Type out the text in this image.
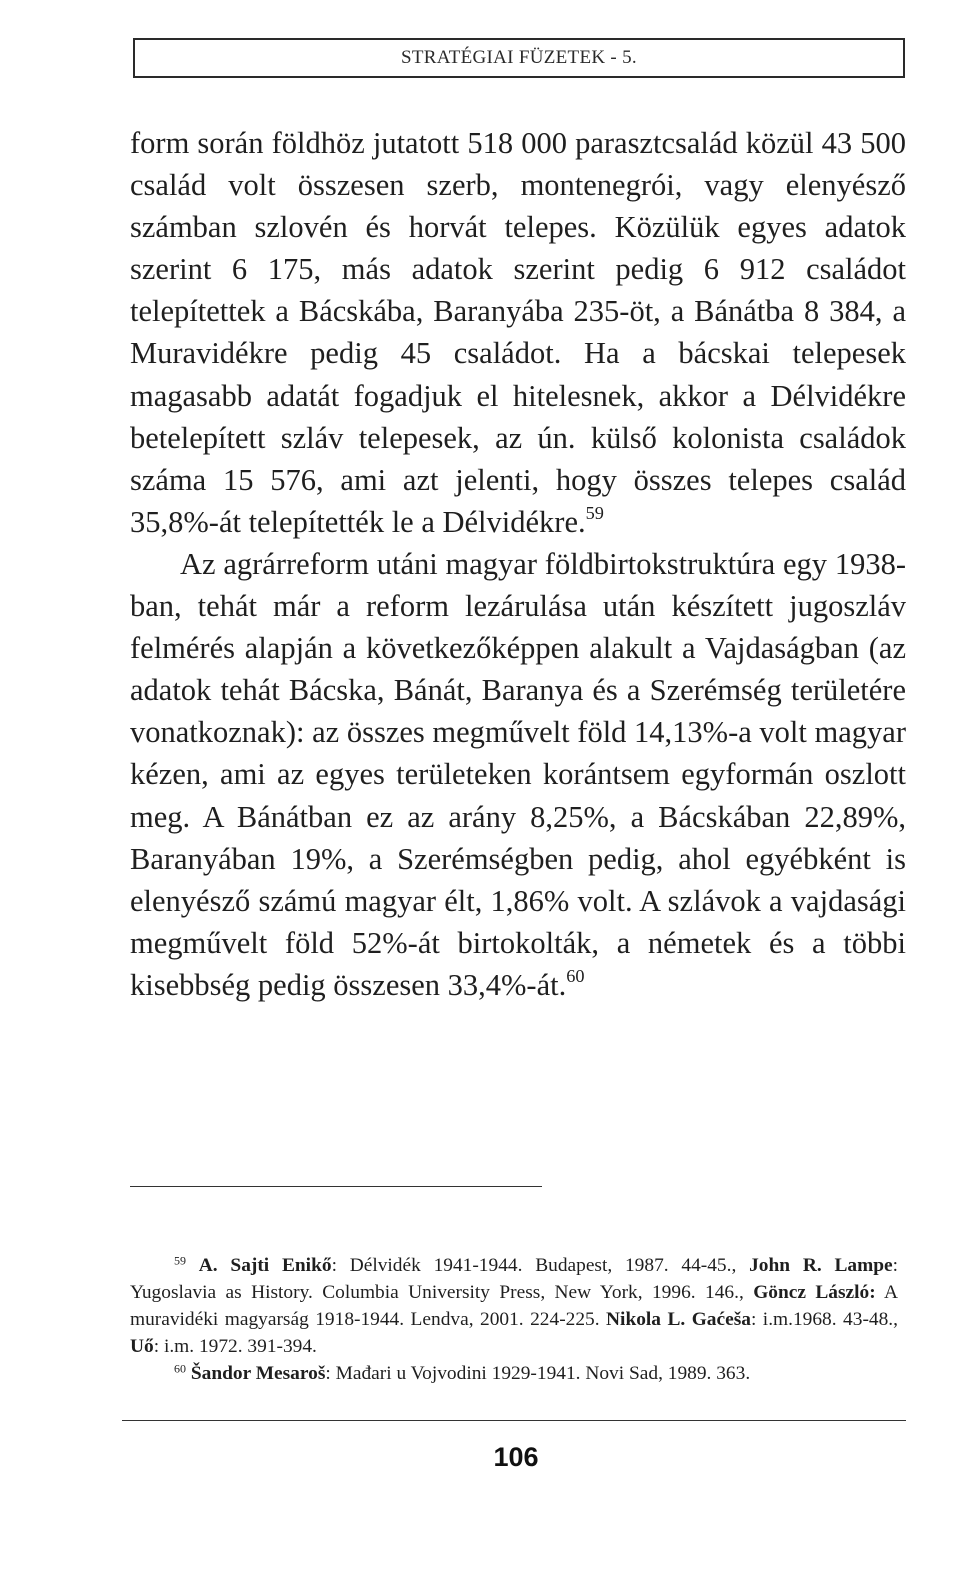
STRATÉGIAI FÜZETEK - 5.

form során földhöz jutatott 518 000 parasztcsalád közül 43 500 család volt összesen szerb, montenegrói, vagy elenyésző számban szlovén és horvát telepes. Közülük egyes adatok szerint 6 175, más adatok szerint pedig 6 912 családot telepítettek a Bácskába, Baranyába 235-öt, a Bánátba 8 384, a Muravidékre pedig 45 családot. Ha a bácskai telepesek magasabb adatát fogadjuk el hitelesnek, akkor a Délvidékre betelepített szláv telepesek, az ún. külső kolonista családok száma 15 576, ami azt jelenti, hogy összes telepes család 35,8%-át telepítették le a Délvidékre.$^{59}$

Az agrárreform utáni magyar földbirtokstruktúra egy 1938-ban, tehát már a reform lezárulása után készített jugoszláv felmérés alapján a következőképpen alakult a Vajdaságban (az adatok tehát Bácska, Bánát, Baranya és a Szerémség területére vonatkoznak): az összes megművelt föld 14,13%-a volt magyar kézen, ami az egyes területeken korántsem egyformán oszlott meg. A Bánátban ez az arány 8,25%, a Bácskában 22,89%, Baranyában 19%, a Szerémségben pedig, ahol egyébként is elenyésző számú magyar élt, 1,86% volt. A szlávok a vajdasági megművelt föld 52%-át birtokolták, a németek és a többi kisebbség pedig összesen 33,4%-át.$^{60}$

$^{59}$ A. Sajti Enikő: Délvidék 1941-1944. Budapest, 1987. 44-45., John R. Lampe: Yugoslavia as History. Columbia University Press, New York, 1996. 146., Göncz László: A muravidéki magyarság 1918-1944. Lendva, 2001. 224-225. Nikola L. Gaćeša: i.m.1968. 43-48., Uő: i.m. 1972. 391-394.

$^{60}$ Šandor Mesaroš: Mađari u Vojvodini 1929-1941. Novi Sad, 1989. 363.

106
